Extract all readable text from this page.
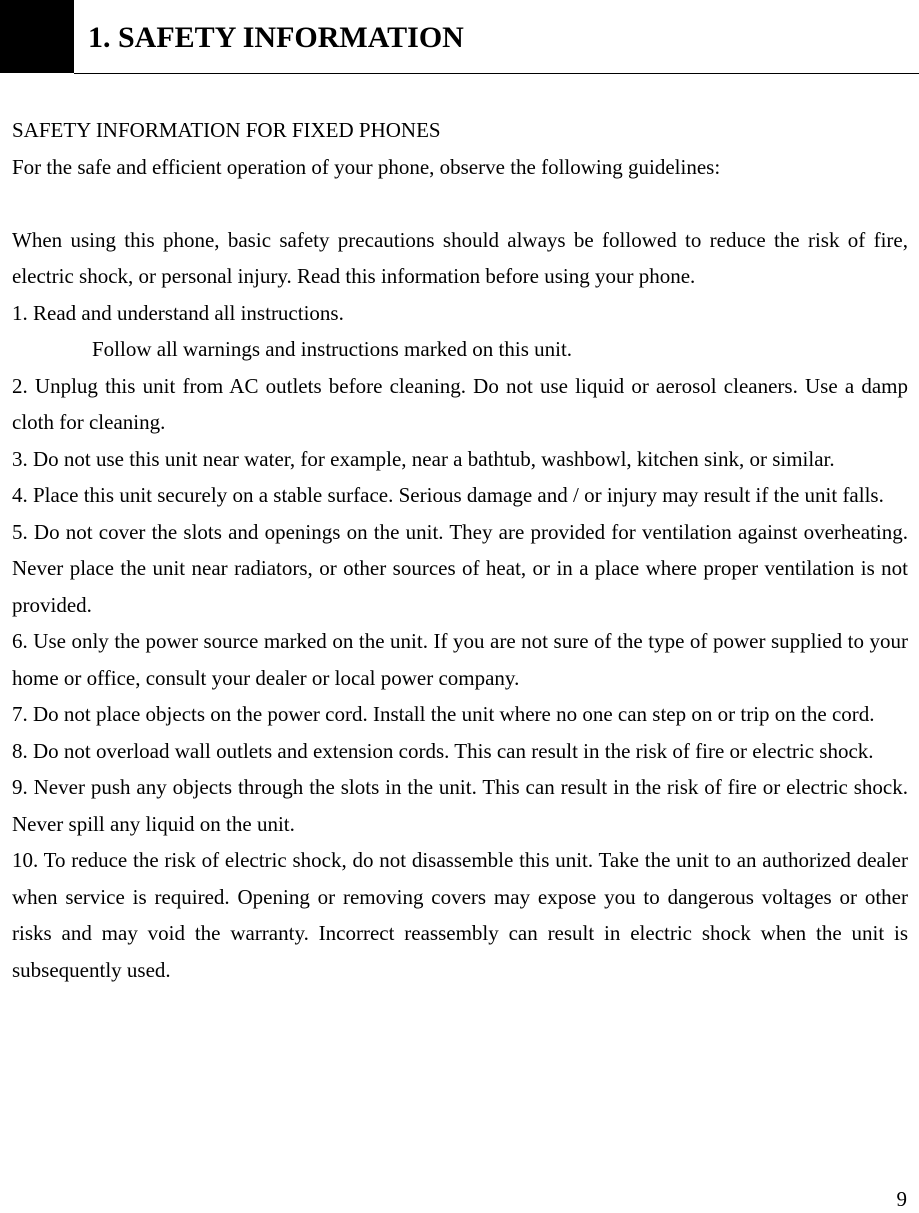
1. SAFETY INFORMATION

SAFETY INFORMATION FOR FIXED PHONES

For the safe and efficient operation of your phone, observe the following guidelines:

When using this phone, basic safety precautions should always be followed to reduce the risk of fire, electric shock, or personal injury. Read this information before using your phone.

1. Read and understand all instructions.

Follow all warnings and instructions marked on this unit.

2. Unplug this unit from AC outlets before cleaning. Do not use liquid or aerosol cleaners. Use a damp cloth for cleaning.

3. Do not use this unit near water, for example, near a bathtub, washbowl, kitchen sink, or similar.

4. Place this unit securely on a stable surface. Serious damage and / or injury may result if the unit falls.

5. Do not cover the slots and openings on the unit. They are provided for ventilation against overheating. Never place the unit near radiators, or other sources of heat, or in a place where proper ventilation is not provided.

6. Use only the power source marked on the unit. If you are not sure of the type of power supplied to your home or office, consult your dealer or local power company.

7. Do not place objects on the power cord. Install the unit where no one can step on or trip on the cord.

8. Do not overload wall outlets and extension cords. This can result in the risk of fire or electric shock.

9. Never push any objects through the slots in the unit. This can result in the risk of fire or electric shock. Never spill any liquid on the unit.

10. To reduce the risk of electric shock, do not disassemble this unit. Take the unit to an authorized dealer when service is required. Opening or removing covers may expose you to dangerous voltages or other risks and may void the warranty. Incorrect reassembly can result in electric shock when the unit is subsequently used.

9
